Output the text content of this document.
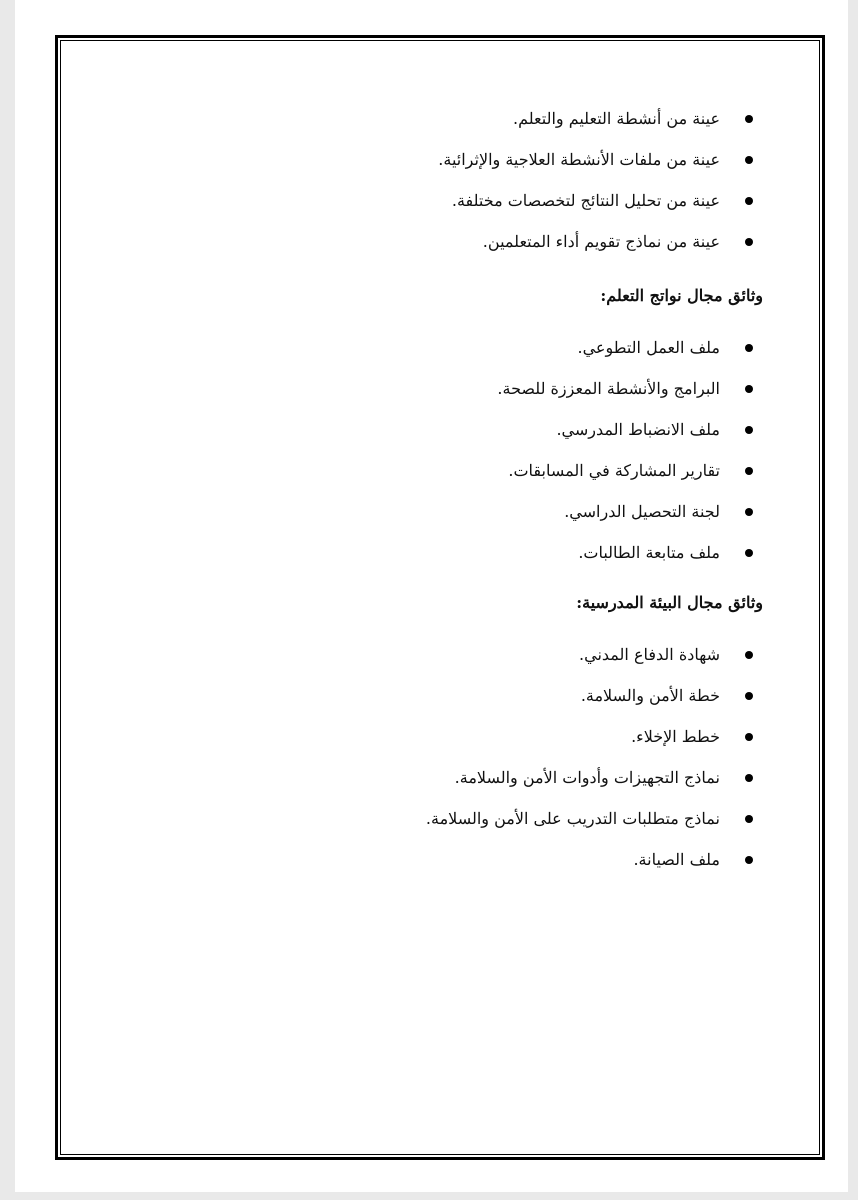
عينة من أنشطة التعليم والتعلم.
عينة من ملفات الأنشطة العلاجية والإثرائية.
عينة من تحليل النتائج لتخصصات مختلفة.
عينة من نماذج تقويم أداء المتعلمين.
وثائق مجال نواتج التعلم:
ملف العمل التطوعي.
البرامج والأنشطة المعززة للصحة.
ملف الانضباط المدرسي.
تقارير المشاركة في المسابقات.
لجنة التحصيل الدراسي.
ملف متابعة الطالبات.
وثائق مجال البيئة المدرسية:
شهادة الدفاع المدني.
خطة الأمن والسلامة.
خطط الإخلاء.
نماذج التجهيزات وأدوات الأمن والسلامة.
نماذج متطلبات التدريب على الأمن والسلامة.
ملف الصيانة.
